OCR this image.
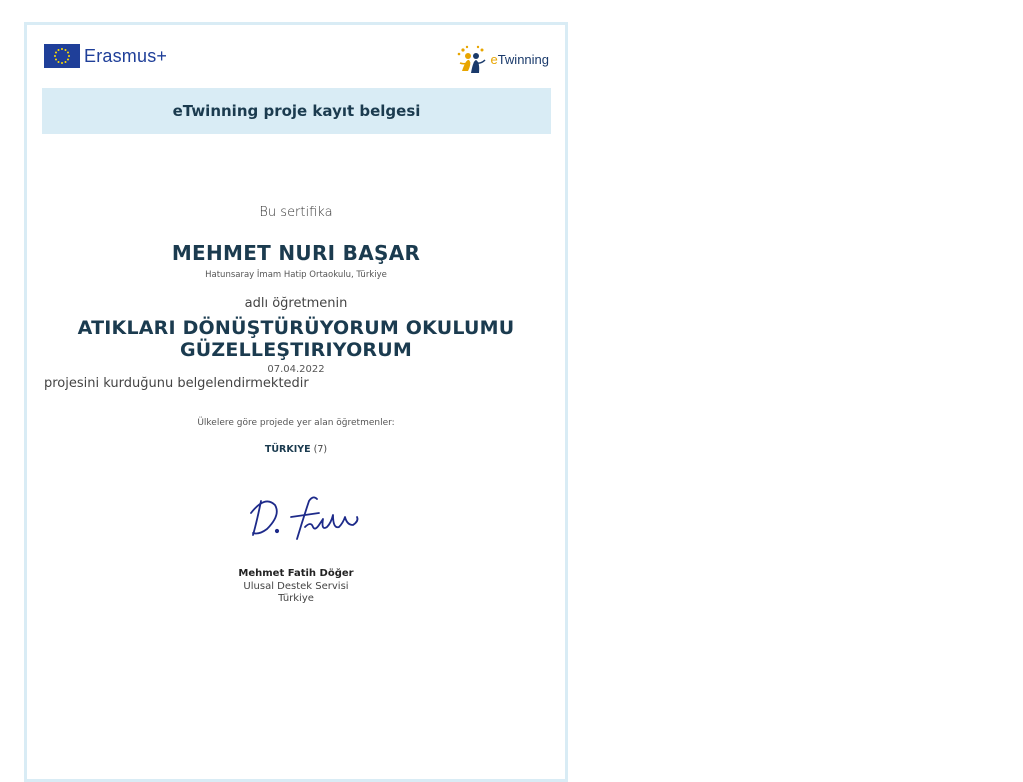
Erasmus+	eTwinning
eTwinning proje kayıt belgesi
Bu sertifika
MEHMET NURI BAŞAR
Hatunsaray İmam Hatip Ortaokulu, Türkiye
adlı öğretmenin
ATIKLARI DÖNÜŞTÜRÜYORUM OKULUMU
GÜZELLEŞTIRIYORUM
07.04.2022
projesini kurduğunu belgelendirmektedir
Ülkelere göre projede yer alan öğretmenler:
TÜRKIYE (7)
Mehmet Fatih Döğer
Ulusal Destek Servisi
Türkiye
